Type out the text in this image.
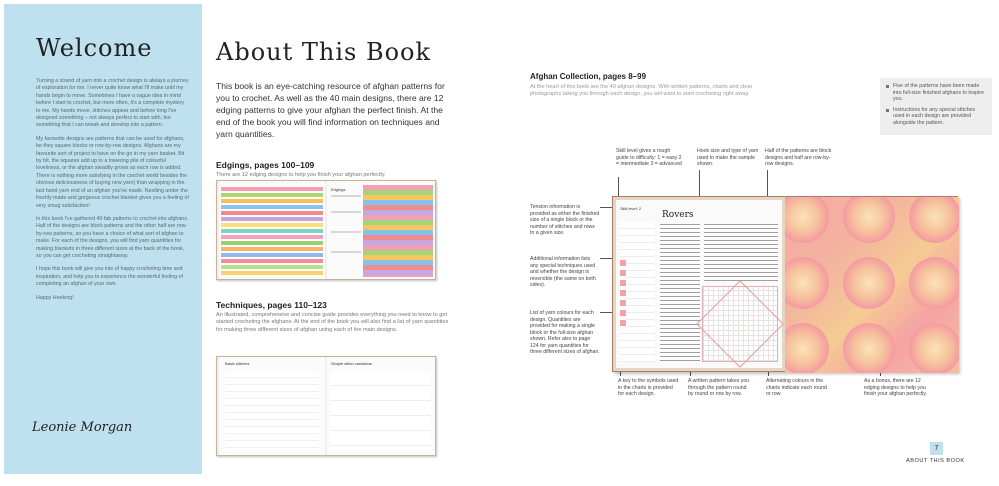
Welcome

Turning a strand of yarn into a crochet design is always a journey of exploration for me. I never quite know what I'll make until my hands begin to move. Sometimes I have a vague idea in mind before I start to crochet, but more often, it's a complete mystery to me. My hands move, stitches appear and before long I've designed something – not always perfect to start with, but something that I can tweak and develop into a pattern.

My favourite designs are patterns that can be used for afghans, be they square blocks or row-by-row designs. Afghans are my favourite sort of project to have on the go in my yarn basket. Bit by bit, the squares add up to a towering pile of colourful loveliness, or the afghan steadily grows as each row is added. There is nothing more satisfying in the crochet world besides the obvious deliciousness of buying new yarn) than wrapping in the last hand yarn end of an afghan you've made. Nestling under the freshly made and gorgeous crochet blanket gives you a feeling of very smug satisfaction!

In this book I've gathered 40 fab patterns to crochet into afghans. Half of the designs are block patterns and the other half are row-by-row patterns, so you have a choice of what sort of afghan to make. For each of the designs, you will find yarn quantities for making blankets in three different sizes at the back of the book, so you can get crocheting straightaway.

I hope this book will give you lots of happy crocheting time and inspiration, and help you to experience the wonderful feeling of completing an afghan of your own.

Happy Hooking!

Leonie Morgan
About This Book

This book is an eye-catching resource of afghan patterns for you to crochet. As well as the 40 main designs, there are 12 edging patterns to give your afghan the perfect finish. At the end of the book you will find information on techniques and yarn quantities.

Edgings, pages 100–109
There are 12 edging designs to help you finish your afghan perfectly.
Edgings
Techniques, pages 110–123
An illustrated, comprehensive and concise guide provides everything you need to know to get started crocheting the afghans. At the end of the book you will also find a list of yarn quantities for making three different sizes of afghan using each of the main designs.
Basic stitches	Simple stitch variations
Afghan Collection, pages 8–99
At the heart of this book are the 40 afghan designs. With written patterns, charts and clear photographs taking you through each design, you will want to start crocheting right away.
Five of the patterns have been made into full-size finished afghans to inspire you.
Instructions for any special stitches used in each design are provided alongside the pattern.
Skill level gives a rough guide to difficulty: 1 = easy 2 = intermediate 3 = advanced
Hook size and type of yarn used to make the sample shown.
Half of the patterns are block designs and half are row-by-row designs.
Tension information is provided as either the finished size of a single block or the number of stitches and rows to a given size.
Additional information lists any special techniques used and whether the design is reversible (the same on both sides).
List of yarn colours for each design. Quantities are provided for making a single block or the full-size afghan shown. Refer also to page 124 for yarn quantities for three different sizes of afghan.
A key to the symbols used in the charts is provided for each design.
A written pattern takes you through the pattern round by round or row by row.
Alternating colours in the charts indicate each round or row.
As a bonus, there are 12 edging designs to help you finish your afghan perfectly.
Skill level: 2
Rovers
7
ABOUT THIS BOOK
